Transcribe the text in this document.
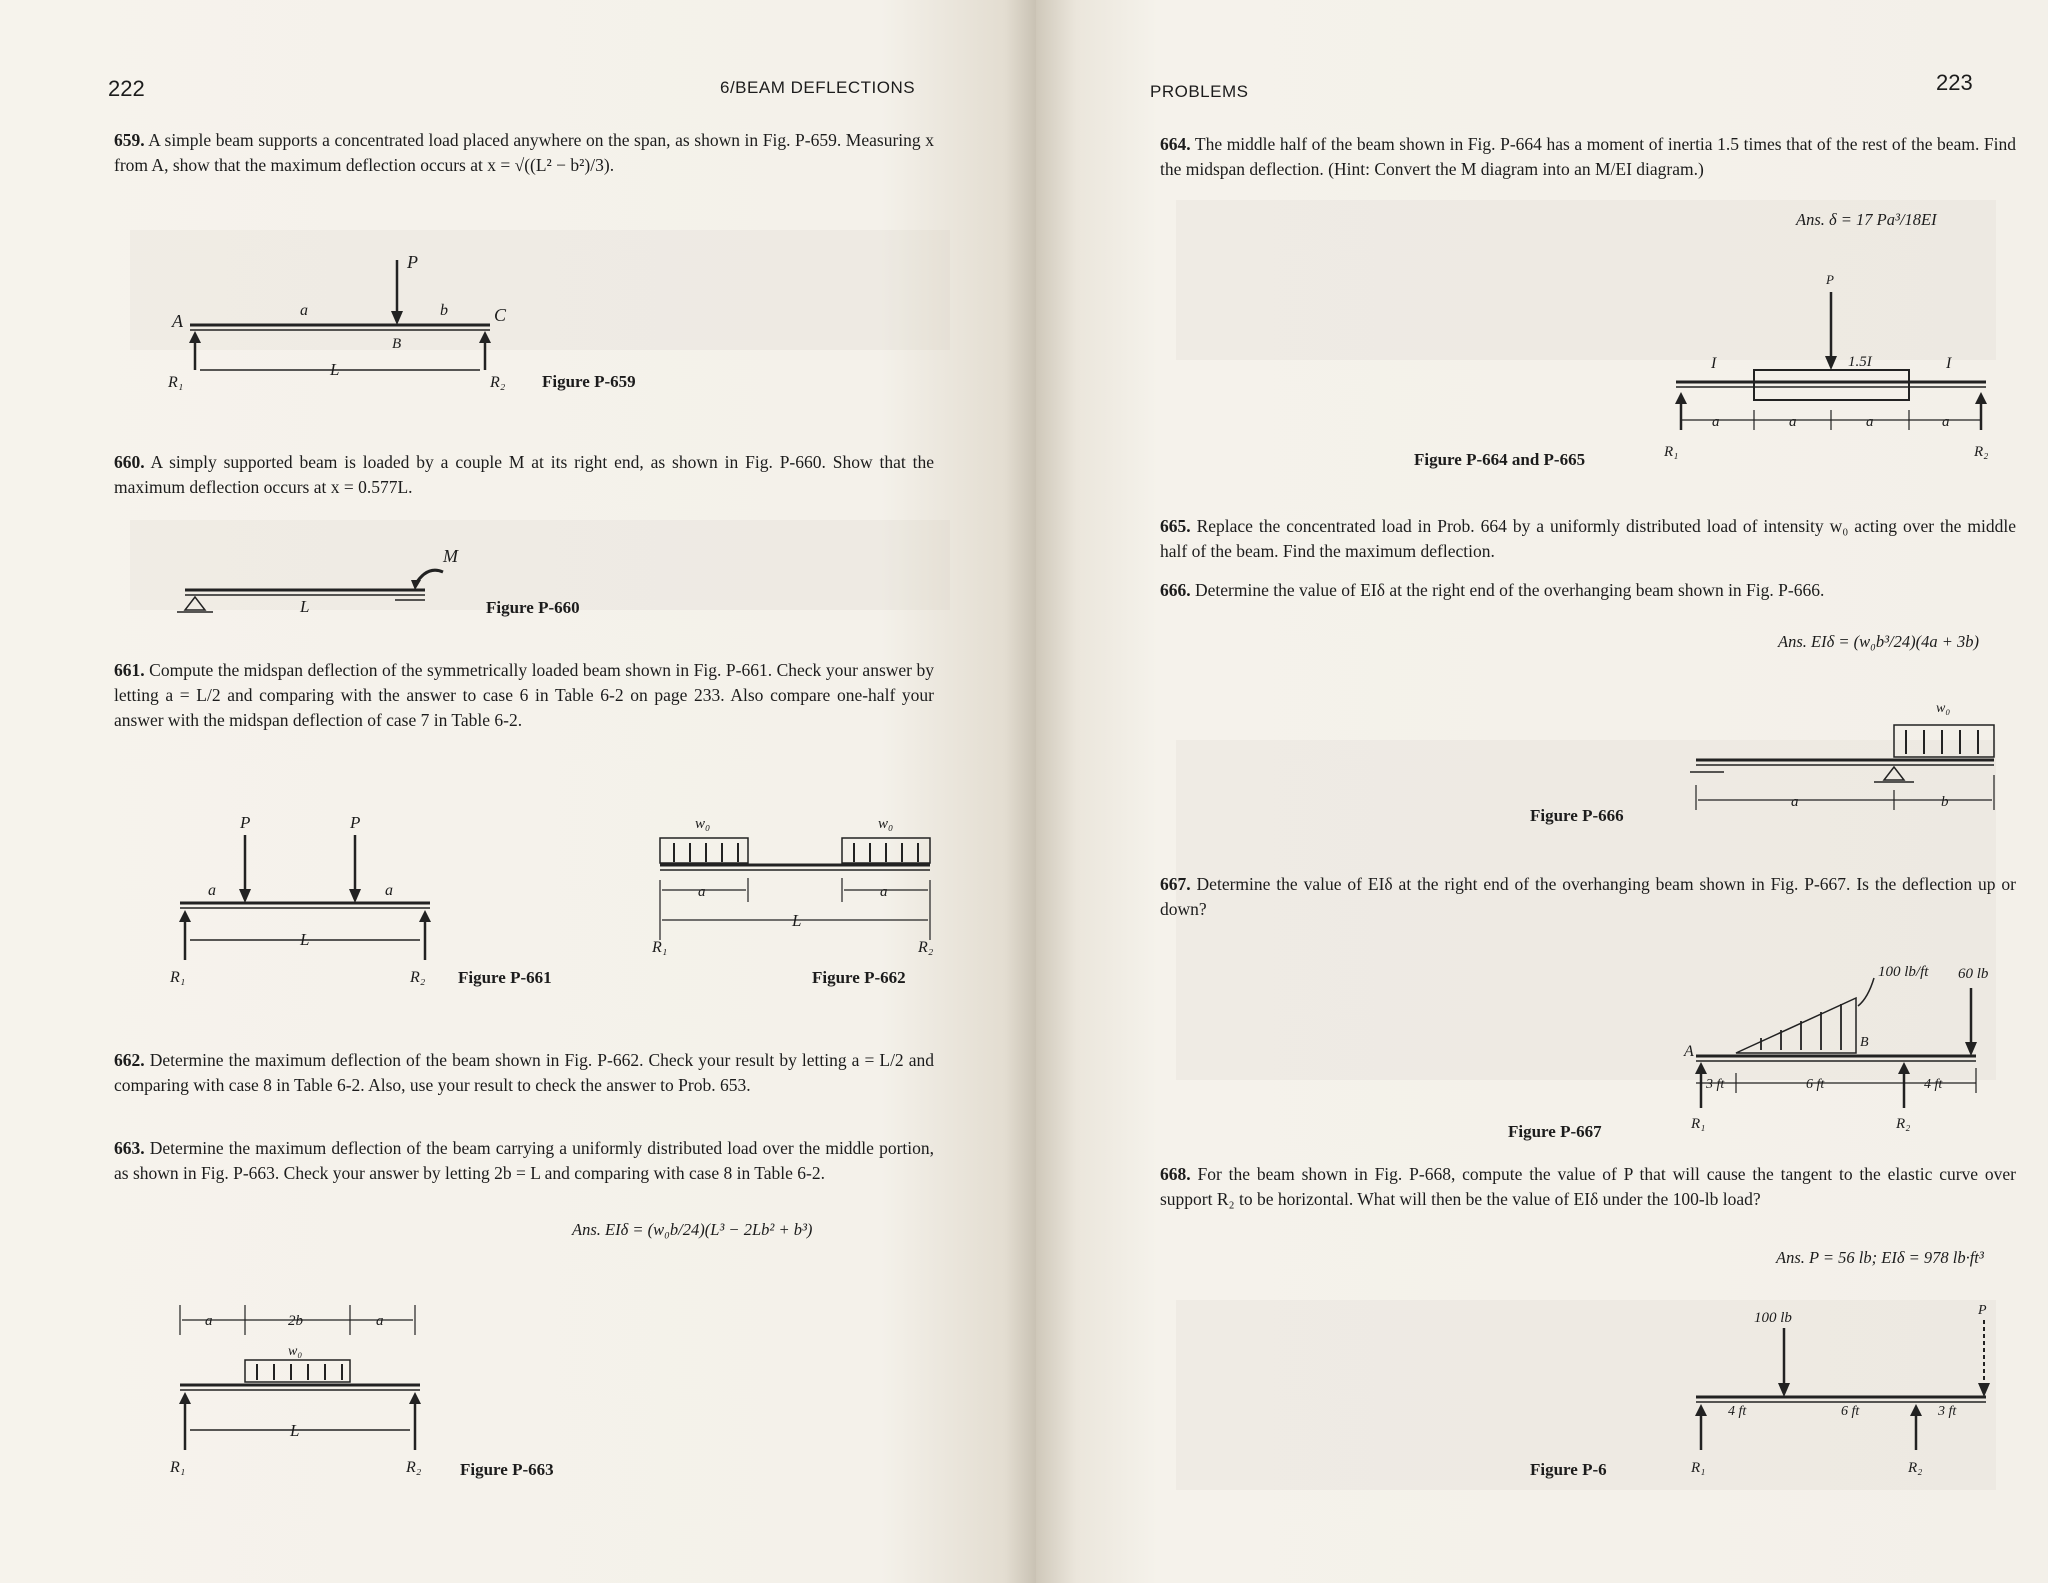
222	6/BEAM DEFLECTIONS
659. A simple beam supports a concentrated load placed anywhere on the span, as shown in Fig. P-659. Measuring x from A, show that the maximum deflection occurs at x = √((L² − b²)/3).
P
a	b
A
B
C
L
R₁	R₂ Figure P-659
660. A simply supported beam is loaded by a couple M at its right end, as shown in Fig. P-660. Show that the maximum deflection occurs at x = 0.577L.
M
L	Figure P-660
661. Compute the midspan deflection of the symmetrically loaded beam shown in Fig. P-661. Check your answer by letting a = L/2 and comparing with the answer to case 6 in Table 6-2 on page 233. Also compare one-half your answer with the midspan deflection of case 7 in Table 6-2.
P	P
a	a
L
R₁	R₂ Figure P-661
w₀	w₀
a	a
L
R₁	R₂
Figure P-662
662. Determine the maximum deflection of the beam shown in Fig. P-662. Check your result by letting a = L/2 and comparing with case 8 in Table 6-2. Also, use your result to check the answer to Prob. 653.
663. Determine the maximum deflection of the beam carrying a uniformly distributed load over the middle portion, as shown in Fig. P-663. Check your answer by letting 2b = L and comparing with case 8 in Table 6-2.
Ans. EIδ = (w₀b/24)(L³ − 2Lb² + b³)
a	2b	a
w₀
L
R₁	R₂ Figure P-663
PROBLEMS	223
664. The middle half of the beam shown in Fig. P-664 has a moment of inertia 1.5 times that of the rest of the beam. Find the midspan deflection. (Hint: Convert the M diagram into an M/EI diagram.)
Ans. δ = 17 Pa³/18EI
P
I	1.5I	I
a	a	a	a
R₁	R₂
Figure P-664 and P-665
665. Replace the concentrated load in Prob. 664 by a uniformly distributed load of intensity w₀ acting over the middle half of the beam. Find the maximum deflection.
666. Determine the value of EIδ at the right end of the overhanging beam shown in Fig. P-666.
Ans. EIδ = (w₀b³/24)(4a + 3b)
w₀
a	b
Figure P-666
667. Determine the value of EIδ at the right end of the overhanging beam shown in Fig. P-667. Is the deflection up or down?
100 lb/ft 60 lb
A
B
3 ft	6 ft	4 ft
R₁	R₂
Figure P-667
668. For the beam shown in Fig. P-668, compute the value of P that will cause the tangent to the elastic curve over support R₂ to be horizontal. What will then be the value of EIδ under the 100-lb load?
Ans. P = 56 lb; EIδ = 978 lb·ft³
100 lb	P
4 ft	6 ft	3 ft
R₁	R₂
Figure P-6
